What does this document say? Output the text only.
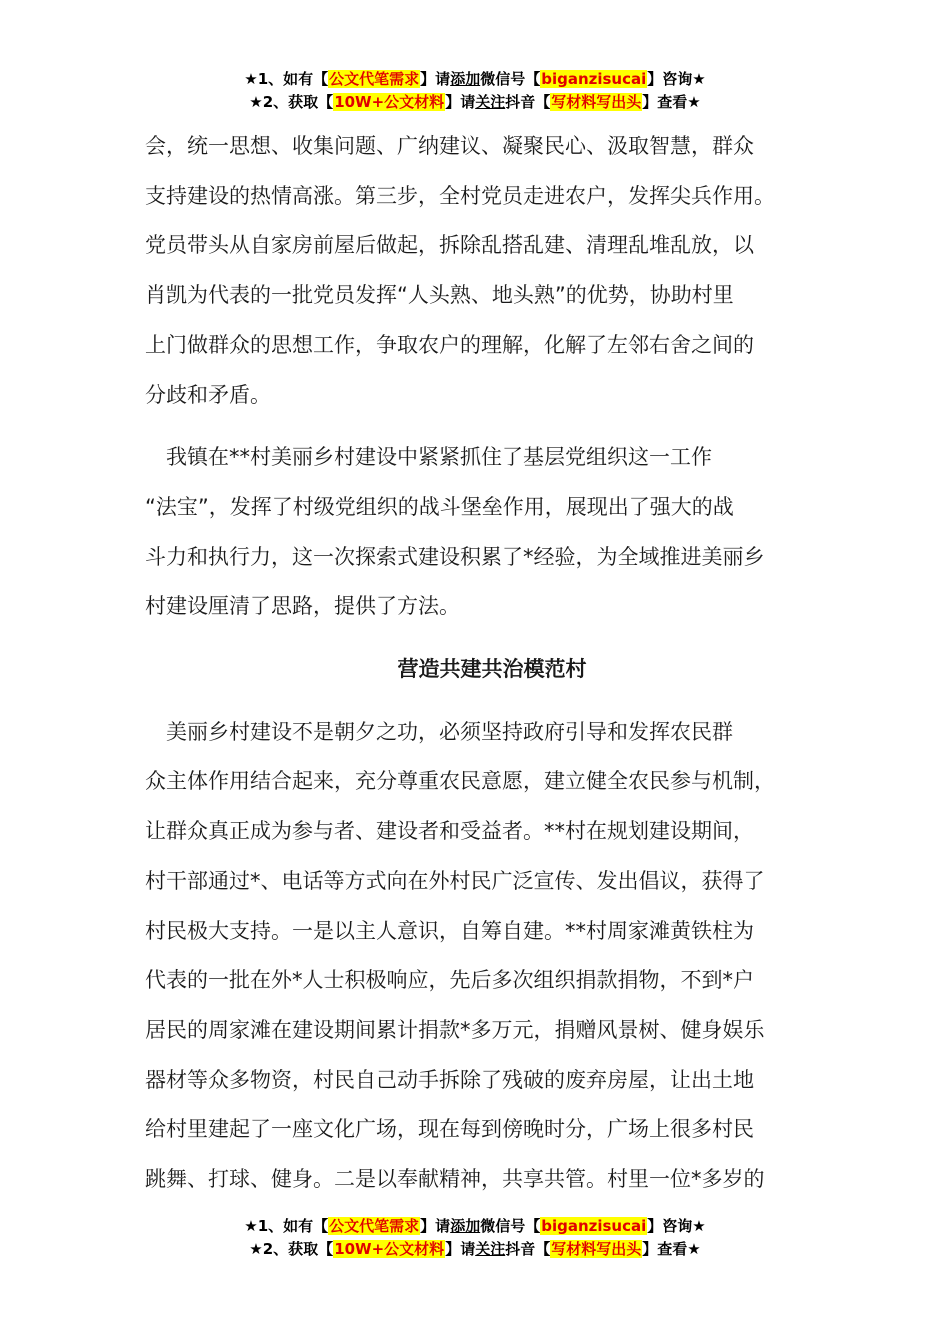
★1、如有【公文代笔需求】请添加微信号【biganzisucai】咨询★
★2、获取【10W+公文材料】请关注抖音【写材料写出头】查看★

会，统一思想、收集问题、广纳建议、凝聚民心、汲取智慧，群众

支持建设的热情高涨。第三步，全村党员走进农户，发挥尖兵作用。

党员带头从自家房前屋后做起，拆除乱搭乱建、清理乱堆乱放，以

肖凯为代表的一批党员发挥“人头熟、地头熟”的优势，协助村里

上门做群众的思想工作，争取农户的理解，化解了左邻右舍之间的

分歧和矛盾。

　我镇在**村美丽乡村建设中紧紧抓住了基层党组织这一工作

“法宝”，发挥了村级党组织的战斗堡垒作用，展现出了强大的战

斗力和执行力，这一次探索式建设积累了*经验，为全域推进美丽乡

村建设厘清了思路，提供了方法。

营造共建共治模范村

　美丽乡村建设不是朝夕之功，必须坚持政府引导和发挥农民群

众主体作用结合起来，充分尊重农民意愿，建立健全农民参与机制，

让群众真正成为参与者、建设者和受益者。**村在规划建设期间，

村干部通过*、电话等方式向在外村民广泛宣传、发出倡议，获得了

村民极大支持。一是以主人意识，自筹自建。**村周家滩黄铁柱为

代表的一批在外*人士积极响应，先后多次组织捐款捐物，不到*户

居民的周家滩在建设期间累计捐款*多万元，捐赠风景树、健身娱乐

器材等众多物资，村民自己动手拆除了残破的废弃房屋，让出土地

给村里建起了一座文化广场，现在每到傍晚时分，广场上很多村民

跳舞、打球、健身。二是以奉献精神，共享共管。村里一位*多岁的

★1、如有【公文代笔需求】请添加微信号【biganzisucai】咨询★
★2、获取【10W+公文材料】请关注抖音【写材料写出头】查看★
